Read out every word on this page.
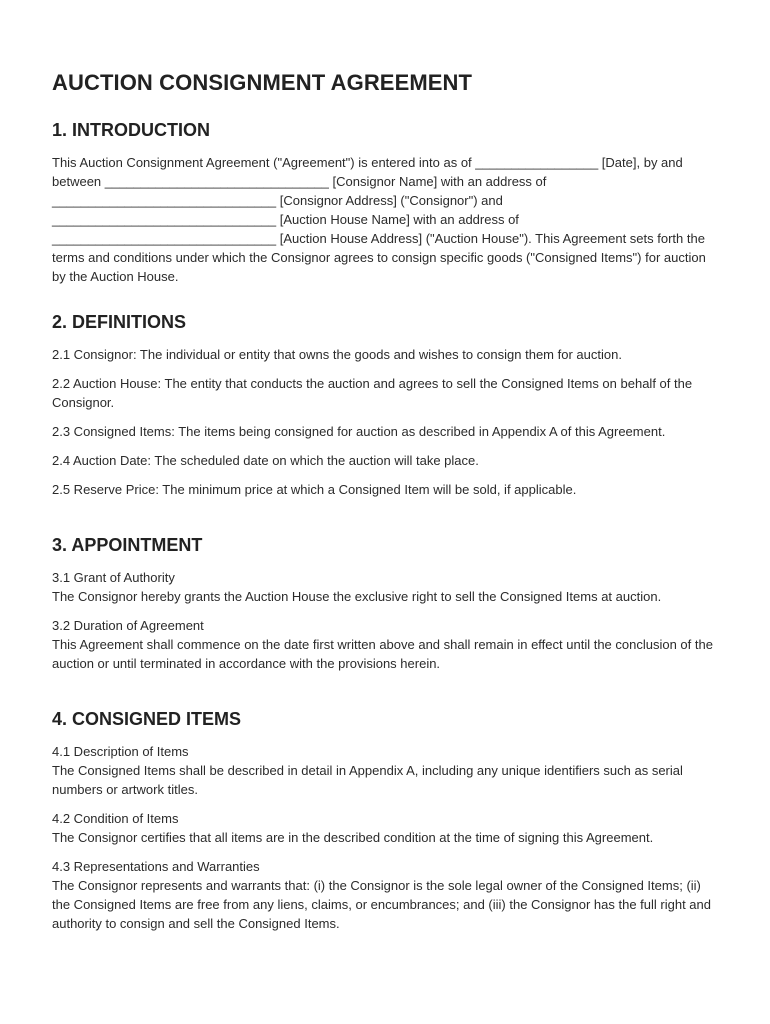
AUCTION CONSIGNMENT AGREEMENT
1. INTRODUCTION

This Auction Consignment Agreement ("Agreement") is entered into as of _________________ [Date], by and between _______________________________ [Consignor Name] with an address of _______________________________ [Consignor Address] ("Consignor") and _______________________________ [Auction House Name] with an address of _______________________________ [Auction House Address] ("Auction House"). This Agreement sets forth the terms and conditions under which the Consignor agrees to consign specific goods ("Consigned Items") for auction by the Auction House.

2. DEFINITIONS

2.1 Consignor: The individual or entity that owns the goods and wishes to consign them for auction.

2.2 Auction House: The entity that conducts the auction and agrees to sell the Consigned Items on behalf of the Consignor.

2.3 Consigned Items: The items being consigned for auction as described in Appendix A of this Agreement.

2.4 Auction Date: The scheduled date on which the auction will take place.

2.5 Reserve Price: The minimum price at which a Consigned Item will be sold, if applicable.

3. APPOINTMENT
3.1 Grant of Authority
The Consignor hereby grants the Auction House the exclusive right to sell the Consigned Items at auction.
3.2 Duration of Agreement
This Agreement shall commence on the date first written above and shall remain in effect until the conclusion of the auction or until terminated in accordance with the provisions herein.
4. CONSIGNED ITEMS
4.1 Description of Items
The Consigned Items shall be described in detail in Appendix A, including any unique identifiers such as serial numbers or artwork titles.
4.2 Condition of Items
The Consignor certifies that all items are in the described condition at the time of signing this Agreement.
4.3 Representations and Warranties
The Consignor represents and warrants that: (i) the Consignor is the sole legal owner of the Consigned Items; (ii) the Consigned Items are free from any liens, claims, or encumbrances; and (iii) the Consignor has the full right and authority to consign and sell the Consigned Items.
